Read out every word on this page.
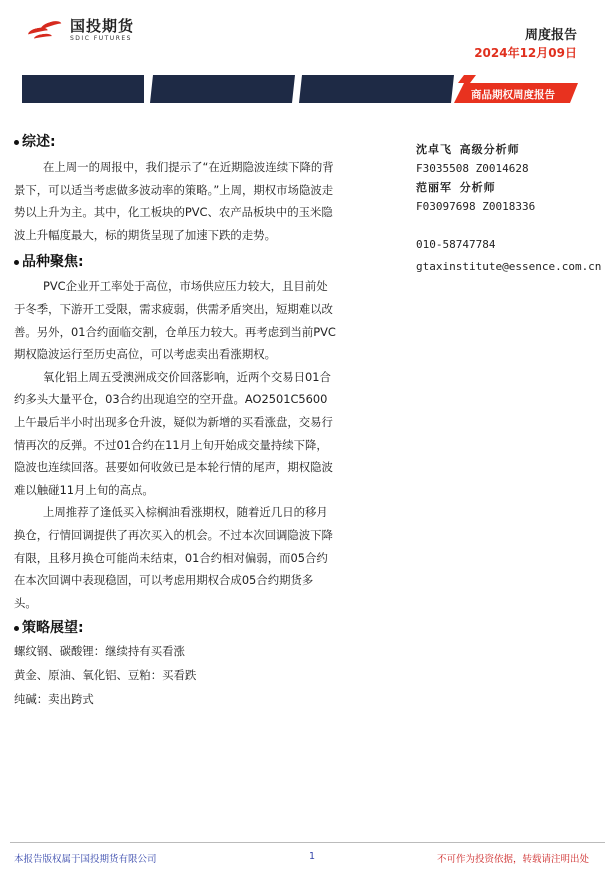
国投期货
SDIC FUTURES	周度报告
2024年12月09日
商品期权周度报告
综述:

在上周一的周报中，我们提示了“在近期隐波连续下降的背景下，可以适当考虑做多波动率的策略。”上周，期权市场隐波走势以上升为主。其中，化工板块的PVC、农产品板块中的玉米隐波上升幅度最大，标的期货呈现了加速下跌的走势。

品种聚焦:

PVC企业开工率处于高位，市场供应压力较大，且目前处于冬季，下游开工受限，需求疲弱，供需矛盾突出，短期难以改善。另外，01合约面临交割，仓单压力较大。再考虑到当前PVC期权隐波运行至历史高位，可以考虑卖出看涨期权。

氧化铝上周五受澳洲成交价回落影响，近两个交易日01合约多头大量平仓，03合约出现追空的空开盘。AO2501C5600上午最后半小时出现多仓升波，疑似为新增的买看涨盘，交易行情再次的反弹。不过01合约在11月上旬开始成交量持续下降，隐波也连续回落。甚要如何收敛已是本轮行情的尾声，期权隐波难以触碰11月上旬的高点。

上周推荐了逢低买入棕榈油看涨期权，随着近几日的移月换仓，行情回调提供了再次买入的机会。不过本次回调隐波下降有限，且移月换仓可能尚未结束，01合约相对偏弱，而05合约在本次回调中表现稳固，可以考虑用期权合成05合约期货多头。

策略展望:
螺纹钢、碳酸锂：继续持有买看涨
黄金、原油、氧化铝、豆粕：买看跌
纯碱：卖出跨式
沈卓飞 高级分析师
F3035508 Z0014628
范丽军 分析师
F03097698 Z0018336
010-58747784
gtaxinstitute@essence.com.cn
本报告版权属于国投期货有限公司	1	不可作为投资依据，转载请注明出处
